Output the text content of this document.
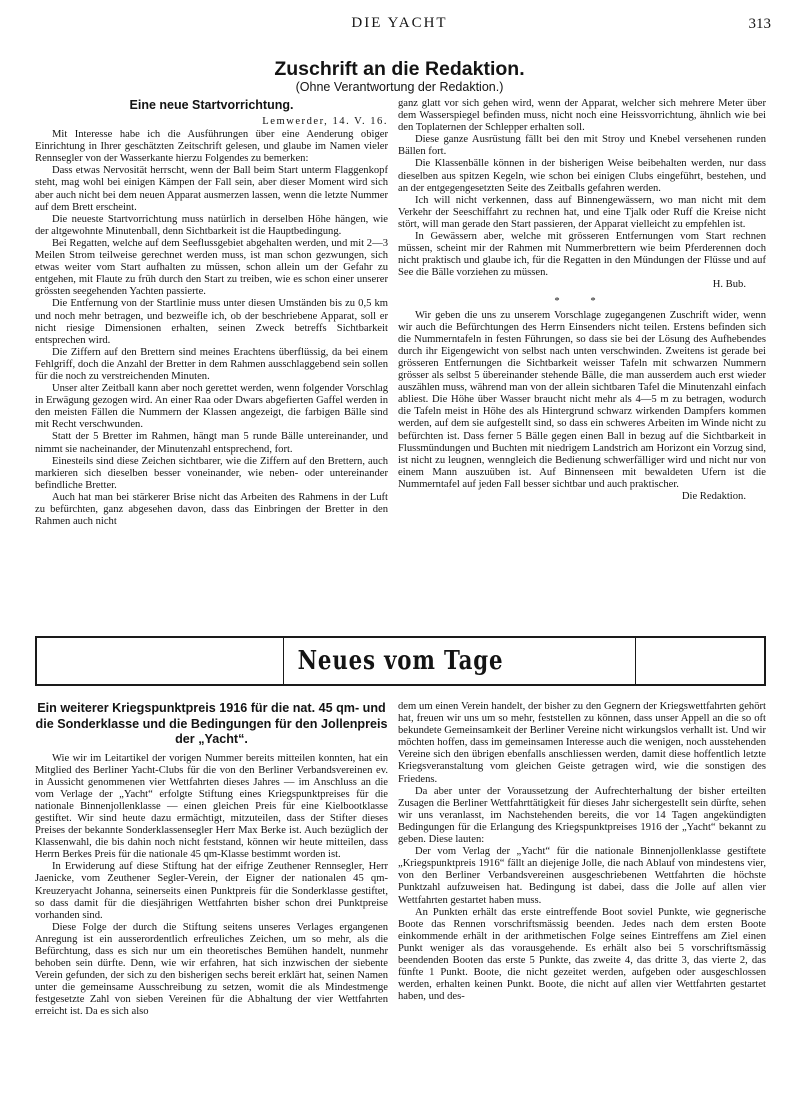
DIE YACHT	313
Zuschrift an die Redaktion.
(Ohne Verantwortung der Redaktion.)
Eine neue Startvorrichtung.
Lemwerder, 14. V. 16.

Mit Interesse habe ich die Ausführungen über eine Aenderung obiger Einrichtung in Ihrer geschätzten Zeitschrift gelesen, und glaube im Namen vieler Rennsegler von der Wasserkante hierzu Folgendes zu bemerken:

Dass etwas Nervosität herrscht, wenn der Ball beim Start unterm Flaggenkopf steht, mag wohl bei einigen Kämpen der Fall sein, aber dieser Moment wird sich aber auch nicht bei dem neuen Apparat ausmerzen lassen, wenn die letzte Nummer auf dem Brett erscheint.

Die neueste Startvorrichtung muss natürlich in derselben Höhe hängen, wie der altgewohnte Minutenball, denn Sichtbarkeit ist die Hauptbedingung.

Bei Regatten, welche auf dem Seeflussgebiet abgehalten werden, und mit 2—3 Meilen Strom teilweise gerechnet werden muss, ist man schon gezwungen, sich etwas weiter vom Start aufhalten zu müssen, schon allein um der Gefahr zu entgehen, mit Flaute zu früh durch den Start zu treiben, wie es schon einer unserer grössten seegehenden Yachten passierte.

Die Entfernung von der Startlinie muss unter diesen Umständen bis zu 0,5 km und noch mehr betragen, und bezweifle ich, ob der beschriebene Apparat, soll er nicht riesige Dimensionen erhalten, seinen Zweck betreffs Sichtbarkeit entsprechen wird.

Die Ziffern auf den Brettern sind meines Erachtens überflüssig, da bei einem Fehlgriff, doch die Anzahl der Bretter in dem Rahmen ausschlaggebend sein sollen für die noch zu verstreichenden Minuten.

Unser alter Zeitball kann aber noch gerettet werden, wenn folgender Vorschlag in Erwägung gezogen wird. An einer Raa oder Dwars abgefierten Gaffel werden in den meisten Fällen die Nummern der Klassen angezeigt, die farbigen Bälle sind mit Recht verschwunden.

Statt der 5 Bretter im Rahmen, hängt man 5 runde Bälle untereinander, und nimmt sie nacheinander, der Minutenzahl entsprechend, fort.

Einesteils sind diese Zeichen sichtbarer, wie die Ziffern auf den Brettern, auch markieren sich dieselben besser voneinander, wie neben- oder untereinander befindliche Bretter.

Auch hat man bei stärkerer Brise nicht das Arbeiten des Rahmens in der Luft zu befürchten, ganz abgesehen davon, dass das Einbringen der Bretter in den Rahmen auch nicht

ganz glatt vor sich gehen wird, wenn der Apparat, welcher sich mehrere Meter über dem Wasserspiegel befinden muss, nicht noch eine Heissvorrichtung, ähnlich wie bei den Toplaternen der Schlepper erhalten soll.

Diese ganze Ausrüstung fällt bei den mit Stroy und Knebel versehenen runden Bällen fort.

Die Klassenbälle können in der bisherigen Weise beibehalten werden, nur dass dieselben aus spitzen Kegeln, wie schon bei einigen Clubs eingeführt, bestehen, und an der entgegengesetzten Seite des Zeitballs gefahren werden.

Ich will nicht verkennen, dass auf Binnengewässern, wo man nicht mit dem Verkehr der Seeschiffahrt zu rechnen hat, und eine Tjalk oder Ruff die Kreise nicht stört, will man gerade den Start passieren, der Apparat vielleicht zu empfehlen ist.

In Gewässern aber, welche mit grösseren Entfernungen vom Start rechnen müssen, scheint mir der Rahmen mit Nummerbrettern wie beim Pferderennen doch nicht praktisch und glaube ich, für die Regatten in den Mündungen der Flüsse und auf See die Bälle vorziehen zu müssen.

H. Bub.
* *

Wir geben die uns zu unserem Vorschlage zugegangenen Zuschrift wider, wenn wir auch die Befürchtungen des Herrn Einsenders nicht teilen. Erstens befinden sich die Nummerntafeln in festen Führungen, so dass sie bei der Lösung des Aufhebendes durch ihr Eigengewicht von selbst nach unten verschwinden. Zweitens ist gerade bei grösseren Entfernungen die Sichtbarkeit weisser Tafeln mit schwarzen Nummern grösser als selbst 5 übereinander stehende Bälle, die man ausserdem auch erst wieder auszählen muss, während man von der allein sichtbaren Tafel die Minutenzahl einfach abliest. Die Höhe über Wasser braucht nicht mehr als 4—5 m zu betragen, wodurch die Tafeln meist in Höhe des als Hintergrund schwarz wirkenden Dampfers kommen werden, auf dem sie aufgestellt sind, so dass ein schweres Arbeiten im Winde nicht zu befürchten ist. Dass ferner 5 Bälle gegen einen Ball in bezug auf die Sichtbarkeit in Flussmündungen und Buchten mit niedrigem Landstrich am Horizont ein Vorzug sind, ist nicht zu leugnen, wenngleich die Bedienung schwerfälliger wird und nicht nur von einem Mann auszuüben ist. Auf Binnenseen mit bewaldeten Ufern ist die Nummerntafel auf jeden Fall besser sichtbar und auch praktischer.

Die Redaktion.
Neues vom Tage
Ein weiterer Kriegspunktpreis 1916 für die nat. 45 qm- und die Sonderklasse und die Bedingungen für den Jollenpreis der „Yacht“.

Wie wir im Leitartikel der vorigen Nummer bereits mitteilen konnten, hat ein Mitglied des Berliner Yacht-Clubs für die von den Berliner Verbandsvereinen ev. in Aussicht genommenen vier Wettfahrten dieses Jahres — im Anschluss an die vom Verlage der „Yacht“ erfolgte Stiftung eines Kriegspunktpreises für die nationale Binnenjollenklasse — einen gleichen Preis für eine Kielbootklasse gestiftet. Wir sind heute dazu ermächtigt, mitzuteilen, dass der Stifter dieses Preises der bekannte Sonderklassensegler Herr Max Berke ist. Auch bezüglich der Klassenwahl, die bis dahin noch nicht feststand, können wir heute mitteilen, dass Herrn Berkes Preis für die nationale 45 qm-Klasse bestimmt worden ist.

In Erwiderung auf diese Stiftung hat der eifrige Zeuthener Rennsegler, Herr Jaenicke, vom Zeuthener Segler-Verein, der Eigner der nationalen 45 qm-Kreuzeryacht Johanna, seinerseits einen Punktpreis für die Sonderklasse gestiftet, so dass damit für die diesjährigen Wettfahrten bisher schon drei Punktpreise vorhanden sind.

Diese Folge der durch die Stiftung seitens unseres Verlages ergangenen Anregung ist ein ausserordentlich erfreuliches Zeichen, um so mehr, als die Befürchtung, dass es sich nur um ein theoretisches Bemühen handelt, nunmehr behoben sein dürfte. Denn, wie wir erfahren, hat sich inzwischen der siebente Verein gefunden, der sich zu den bisherigen sechs bereit erklärt hat, seinen Namen unter die gemeinsame Ausschreibung zu setzen, womit die als Mindestmenge festgesetzte Zahl von sieben Vereinen für die Abhaltung der vier Wettfahrten erreicht ist. Da es sich also

dem um einen Verein handelt, der bisher zu den Gegnern der Kriegswettfahrten gehört hat, freuen wir uns um so mehr, feststellen zu können, dass unser Appell an die so oft bekundete Gemeinsamkeit der Berliner Vereine nicht wirkungslos verhallt ist. Und wir möchten hoffen, dass im gemeinsamen Interesse auch die wenigen, noch ausstehenden Vereine sich den übrigen ebenfalls anschliessen werden, damit diese hoffentlich letzte Kriegsveranstaltung vom gleichen Geiste getragen wird, wie die sonstigen des Friedens.

Da aber unter der Voraussetzung der Aufrechterhaltung der bisher erteilten Zusagen die Berliner Wettfahrttätigkeit für dieses Jahr sichergestellt sein dürfte, sehen wir uns veranlasst, im Nachstehenden bereits, die vor 14 Tagen angekündigten Bedingungen für die Erlangung des Kriegspunktpreises 1916 der „Yacht“ bekannt zu geben. Diese lauten:

Der vom Verlag der „Yacht“ für die nationale Binnenjollenklasse gestiftete „Kriegspunktpreis 1916“ fällt an diejenige Jolle, die nach Ablauf von mindestens vier, von den Berliner Verbandsvereinen ausgeschriebenen Wettfahrten die höchste Punktzahl aufzuweisen hat. Bedingung ist dabei, dass die Jolle auf allen vier Wettfahrten gestartet haben muss.

An Punkten erhält das erste eintreffende Boot soviel Punkte, wie gegnerische Boote das Rennen vorschriftsmässig beenden. Jedes nach dem ersten Boote einkommende erhält in der arithmetischen Folge seines Eintreffens am Ziel einen Punkt weniger als das vorausgehende. Es erhält also bei 5 vorschriftsmässig beendenden Booten das erste 5 Punkte, das zweite 4, das dritte 3, das vierte 2, das fünfte 1 Punkt. Boote, die nicht gezeitet werden, aufgeben oder ausgeschlossen werden, erhalten keinen Punkt. Boote, die nicht auf allen vier Wettfahrten gestartet haben, und des-
